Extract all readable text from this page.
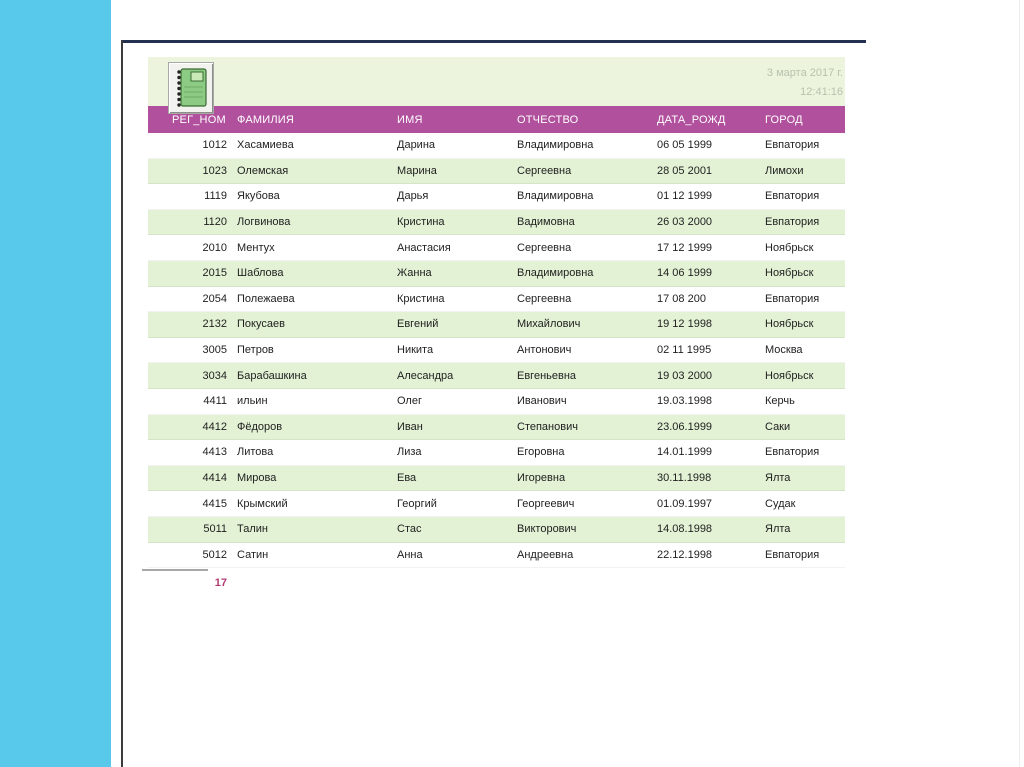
3 марта 2017 г.
12:41:16
РЕГ_НОМ	ФАМИЛИЯ	ИМЯ	ОТЧЕСТВО	ДАТА_РОЖД	ГОРОД
1012 Хасамиева	Дарина	Владимировна	06 05 1999	Евпатория
1023 Олемская	Марина	Сергеевна	28 05 2001	Лимохи
1119 Якубова	Дарья	Владимировна	01 12 1999	Евпатория
1120 Логвинова	Кристина	Вадимовна	26 03 2000	Евпатория
2010 Ментух	Анастасия	Сергеевна	17 12 1999	Ноябрьск
2015 Шаблова	Жанна	Владимировна	14 06 1999	Ноябрьск
2054 Полежаева	Кристина	Сергеевна	17 08 200	Евпатория
2132 Покусаев	Евгений	Михайлович	19 12 1998	Ноябрьск
3005 Петров	Никита	Антонович	02 11 1995	Москва
3034 Барабашкина	Алесандра	Евгеньевна	19 03 2000	Ноябрьск
4411 ильин	Олег	Иванович	19.03.1998	Керчь
4412 Фёдоров	Иван	Степанович	23.06.1999	Саки
4413 Литова	Лиза	Егоровна	14.01.1999	Евпатория
4414 Мирова	Ева	Игоревна	30.11.1998	Ялта
4415 Крымский	Георгий	Георгеевич	01.09.1997	Судак
5011 Талин	Стас	Викторович	14.08.1998	Ялта
5012 Сатин	Анна	Андреевна	22.12.1998	Евпатория
17
